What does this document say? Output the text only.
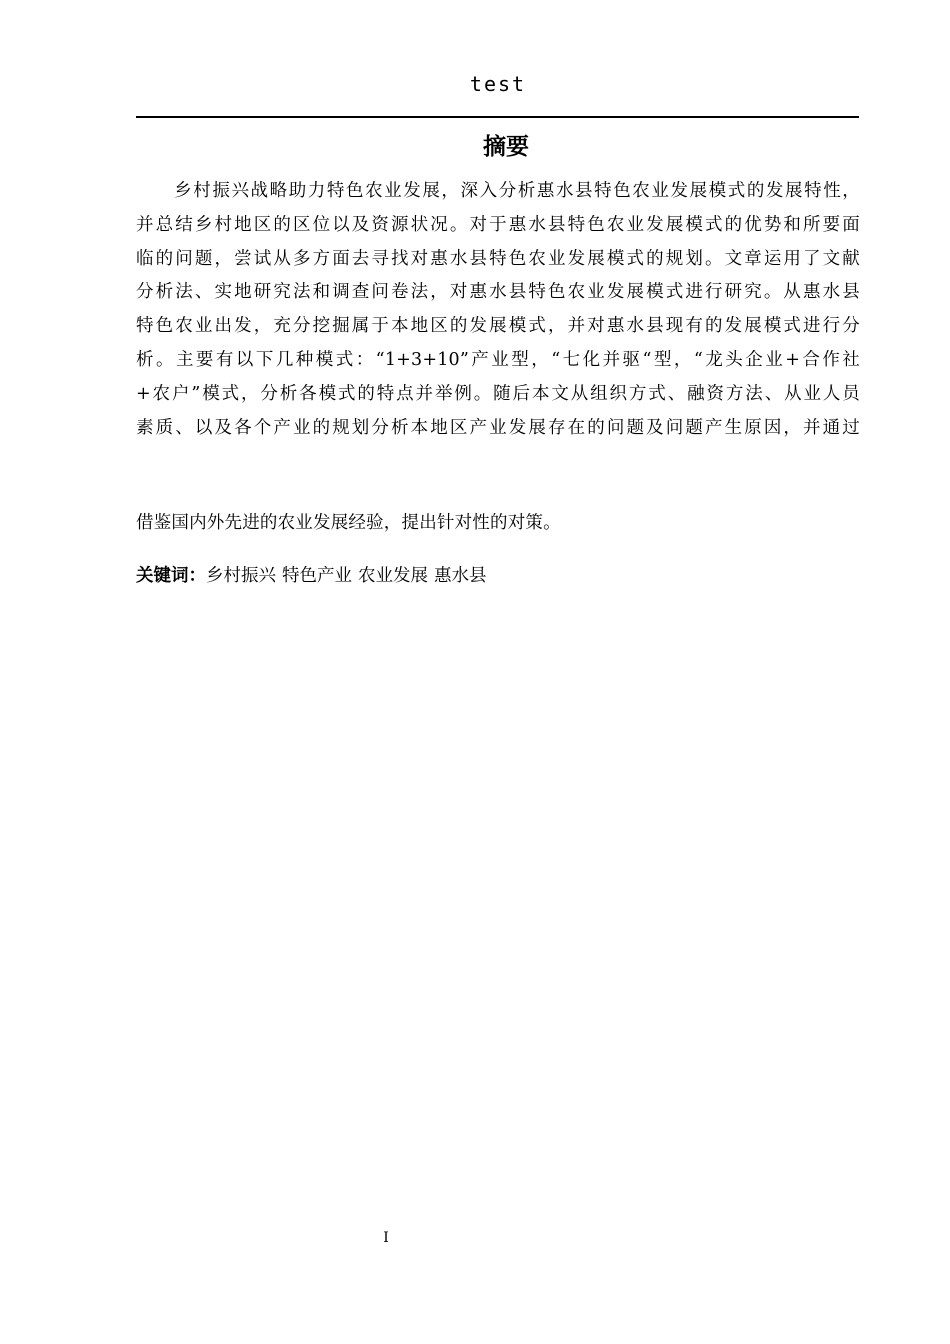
test
摘要
　　乡村振兴战略助力特色农业发展，深入分析惠水县特色农业发展模式的发展特性，
并总结乡村地区的区位以及资源状况。对于惠水县特色农业发展模式的优势和所要面
临的问题，尝试从多方面去寻找对惠水县特色农业发展模式的规划。文章运用了文献
分析法、实地研究法和调查问卷法，对惠水县特色农业发展模式进行研究。从惠水县
特色农业出发，充分挖掘属于本地区的发展模式，并对惠水县现有的发展模式进行分
析。主要有以下几种模式：“1+3+10”产业型，“七化并驱“型，“龙头企业+合作社
+农户”模式，分析各模式的特点并举例。随后本文从组织方式、融资方法、从业人员
素质、以及各个产业的规划分析本地区产业发展存在的问题及问题产生原因，并通过
借鉴国内外先进的农业发展经验，提出针对性的对策。
关键词：乡村振兴 特色产业 农业发展 惠水县
I
